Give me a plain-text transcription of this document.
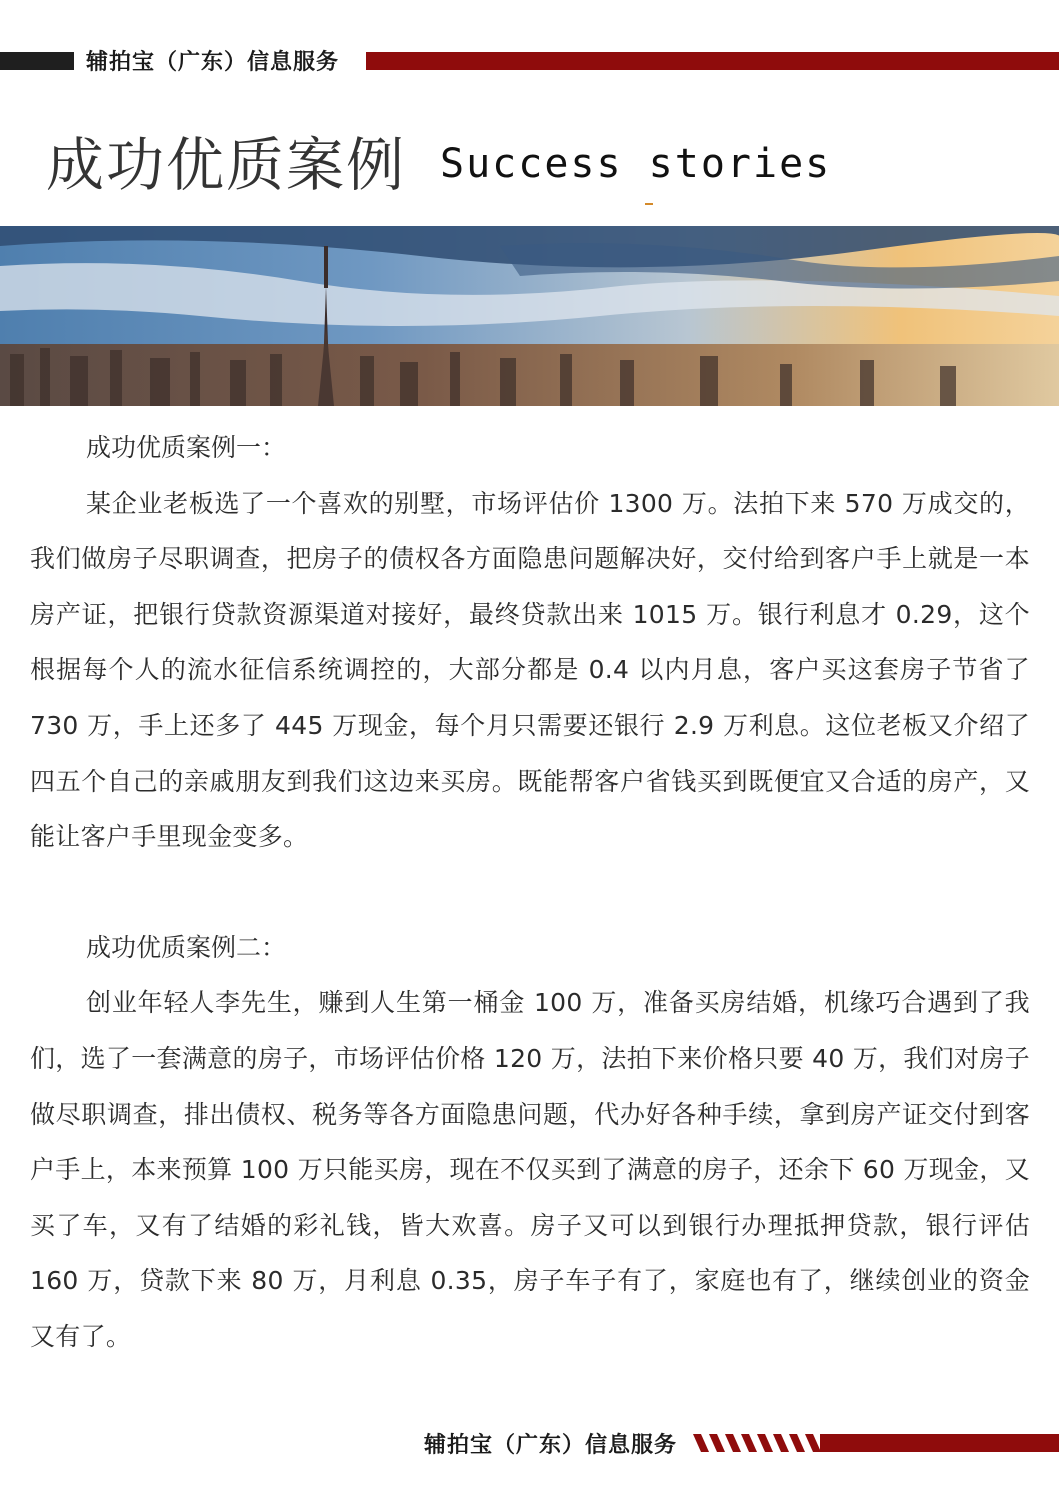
辅拍宝（广东）信息服务
成功优质案例 Success stories

成功优质案例一：

某企业老板选了一个喜欢的别墅，市场评估价 1300 万。法拍下来 570 万成交的，我们做房子尽职调查，把房子的债权各方面隐患问题解决好，交付给到客户手上就是一本房产证，把银行贷款资源渠道对接好，最终贷款出来 1015 万。银行利息才 0.29，这个根据每个人的流水征信系统调控的，大部分都是 0.4 以内月息，客户买这套房子节省了 730 万，手上还多了 445 万现金，每个月只需要还银行 2.9 万利息。这位老板又介绍了四五个自己的亲戚朋友到我们这边来买房。既能帮客户省钱买到既便宜又合适的房产，又能让客户手里现金变多。

成功优质案例二：

创业年轻人李先生，赚到人生第一桶金 100 万，准备买房结婚，机缘巧合遇到了我们，选了一套满意的房子，市场评估价格 120 万，法拍下来价格只要 40 万，我们对房子做尽职调查，排出债权、税务等各方面隐患问题，代办好各种手续，拿到房产证交付到客户手上，本来预算 100 万只能买房，现在不仅买到了满意的房子，还余下 60 万现金，又买了车，又有了结婚的彩礼钱，皆大欢喜。房子又可以到银行办理抵押贷款，银行评估 160 万，贷款下来 80 万，月利息 0.35，房子车子有了，家庭也有了，继续创业的资金又有了。

辅拍宝（广东）信息服务
